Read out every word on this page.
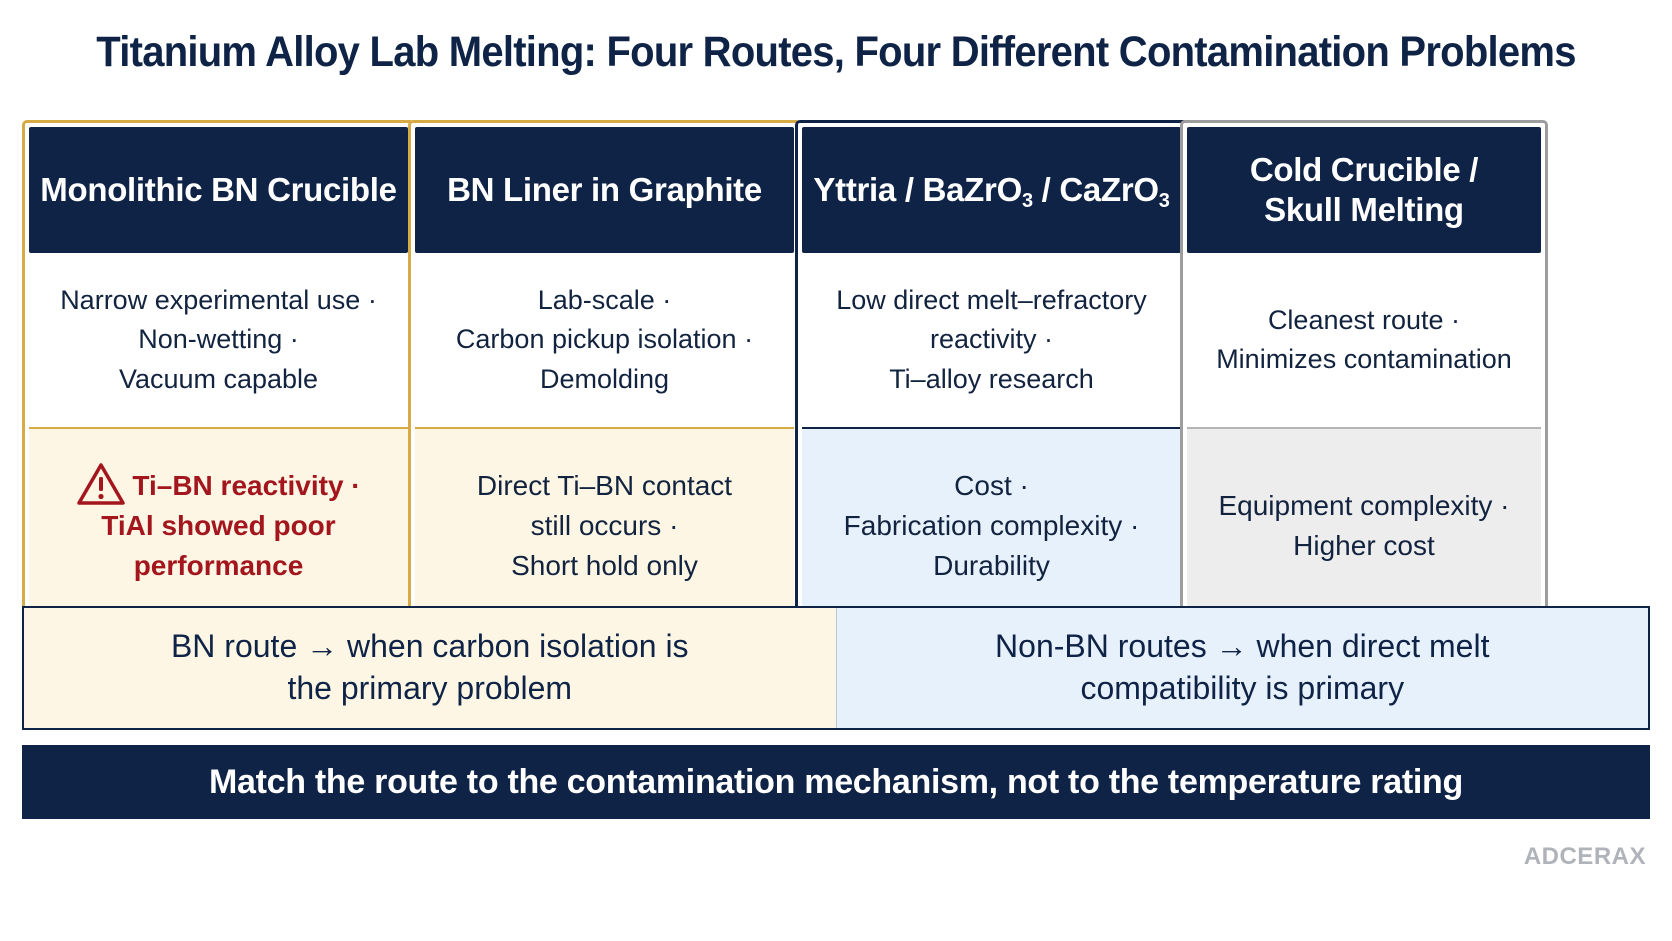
Titanium Alloy Lab Melting: Four Routes, Four Different Contamination Problems
Monolithic BN Crucible
Narrow experimental use ·
Non-wetting ·
Vacuum capable
Ti–BN reactivity ·
TiAl showed poor
performance
BN Liner in Graphite
Lab-scale ·
Carbon pickup isolation ·
Demolding
Direct Ti–BN contact
still occurs ·
Short hold only
Yttria / BaZrO$_3$ / CaZrO$_3$
Low direct melt–refractory
reactivity ·
Ti–alloy research
Cost ·
Fabrication complexity ·
Durability
Cold Crucible /
Skull Melting
Cleanest route ·
Minimizes contamination
Equipment complexity ·
Higher cost
BN route → when carbon isolation is
the primary problem
Non-BN routes → when direct melt
compatibility is primary
Match the route to the contamination mechanism, not to the temperature rating
ADCERAX
